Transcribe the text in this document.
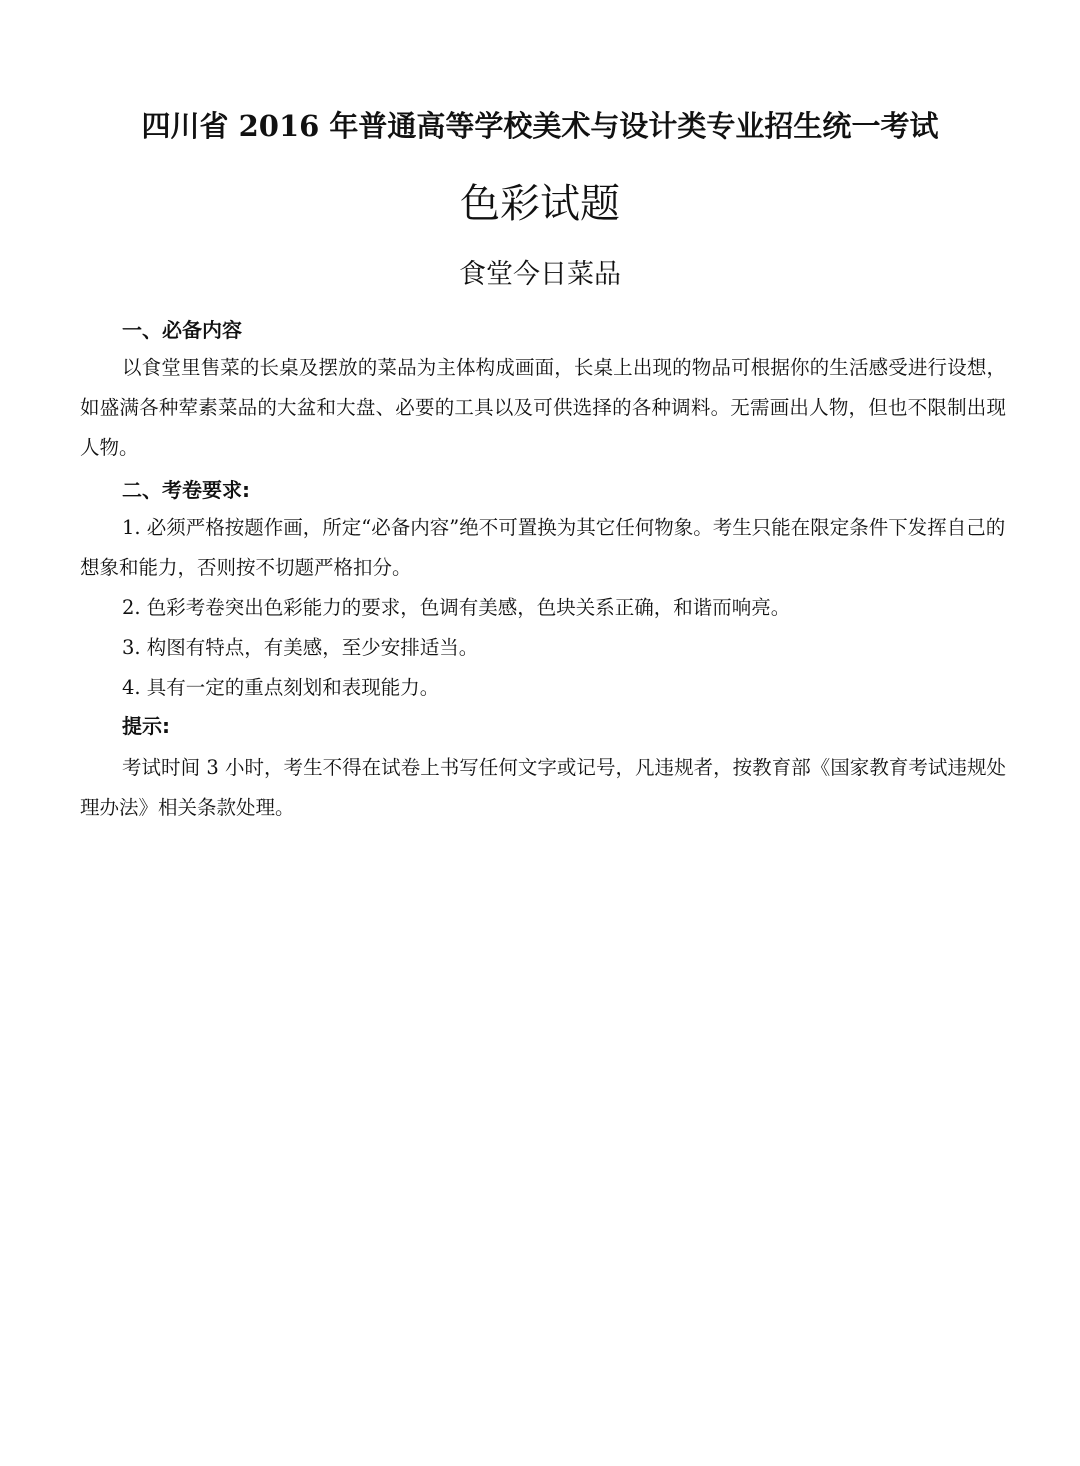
四川省 2016 年普通高等学校美术与设计类专业招生统一考试
色彩试题
食堂今日菜品
一、必备内容

以食堂里售菜的长桌及摆放的菜品为主体构成画面，长桌上出现的物品可根据你的生活感受进行设想，如盛满各种荤素菜品的大盆和大盘、必要的工具以及可供选择的各种调料。无需画出人物，但也不限制出现人物。

二、考卷要求:

1. 必须严格按题作画，所定“必备内容”绝不可置换为其它任何物象。考生只能在限定条件下发挥自己的想象和能力，否则按不切题严格扣分。

2. 色彩考卷突出色彩能力的要求，色调有美感，色块关系正确，和谐而响亮。

3. 构图有特点，有美感，至少安排适当。

4. 具有一定的重点刻划和表现能力。

提示:

考试时间 3 小时，考生不得在试卷上书写任何文字或记号，凡违规者，按教育部《国家教育考试违规处理办法》相关条款处理。
